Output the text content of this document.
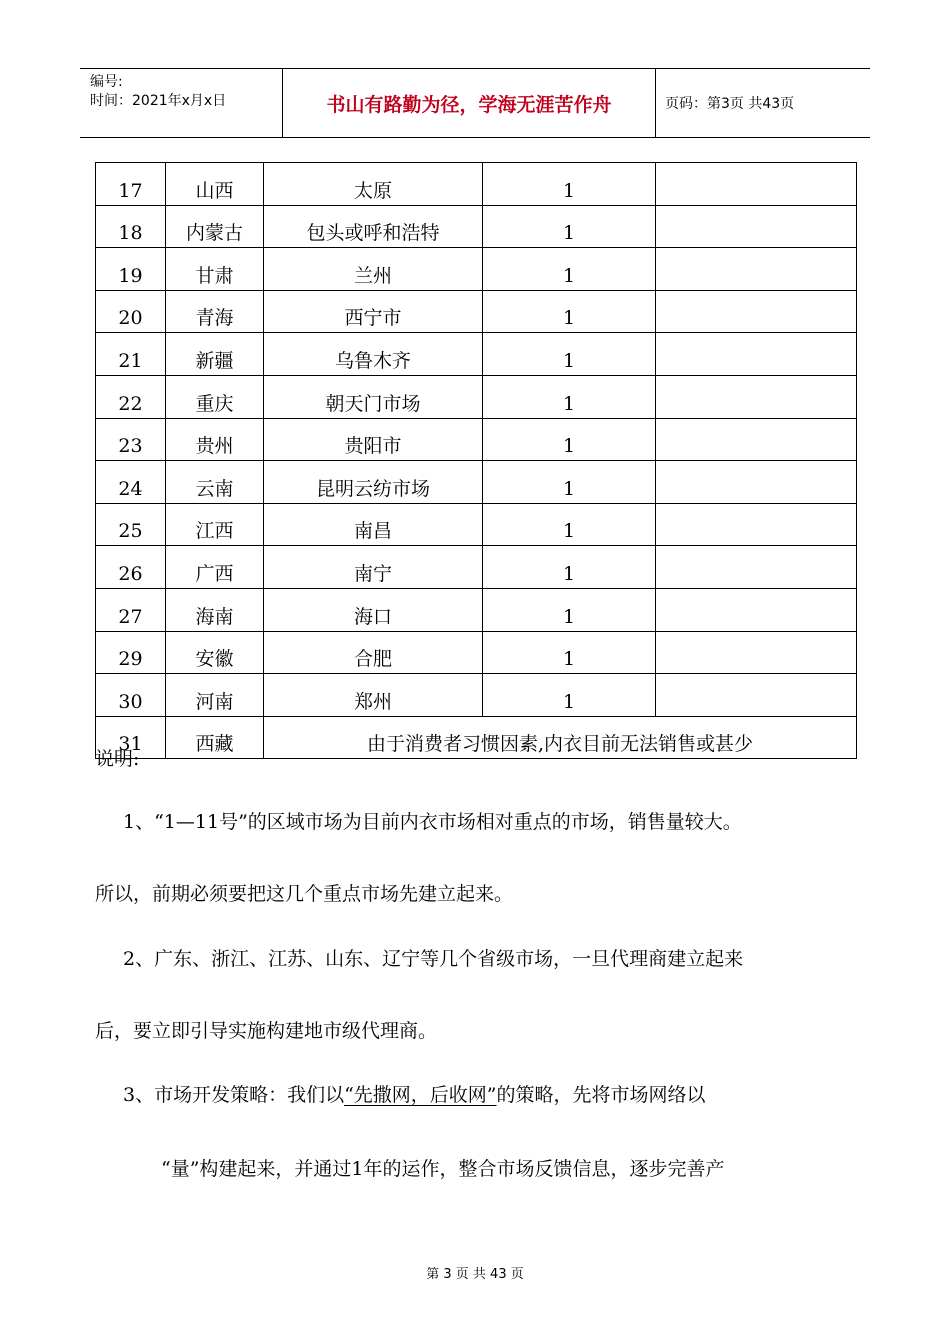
编号:
时间：2021年x月x日	书山有路勤为径，学海无涯苦作舟	页码：第3页 共43页
17	山西	太原	1	
18	内蒙古	包头或呼和浩特	1	
19	甘肃	兰州	1	
20	青海	西宁市	1	
21	新疆	乌鲁木齐	1	
22	重庆	朝天门市场	1	
23	贵州	贵阳市	1	
24	云南	昆明云纺市场	1	
25	江西	南昌	1	
26	广西	南宁	1	
27	海南	海口	1	
29	安徽	合肥	1	
30	河南	郑州	1	
31	西藏	由于消费者习惯因素,内衣目前无法销售或甚少		
说明:
1、“1—11号”的区域市场为目前内衣市场相对重点的市场，销售量较大。
所以，前期必须要把这几个重点市场先建立起来。
2、广东、浙江、江苏、山东、辽宁等几个省级市场，一旦代理商建立起来
后，要立即引导实施构建地市级代理商。
3、市场开发策略：我们以“先撒网，后收网”的策略，先将市场网络以
“量”构建起来，并通过1年的运作，整合市场反馈信息，逐步完善产
第 3 页 共 43 页
